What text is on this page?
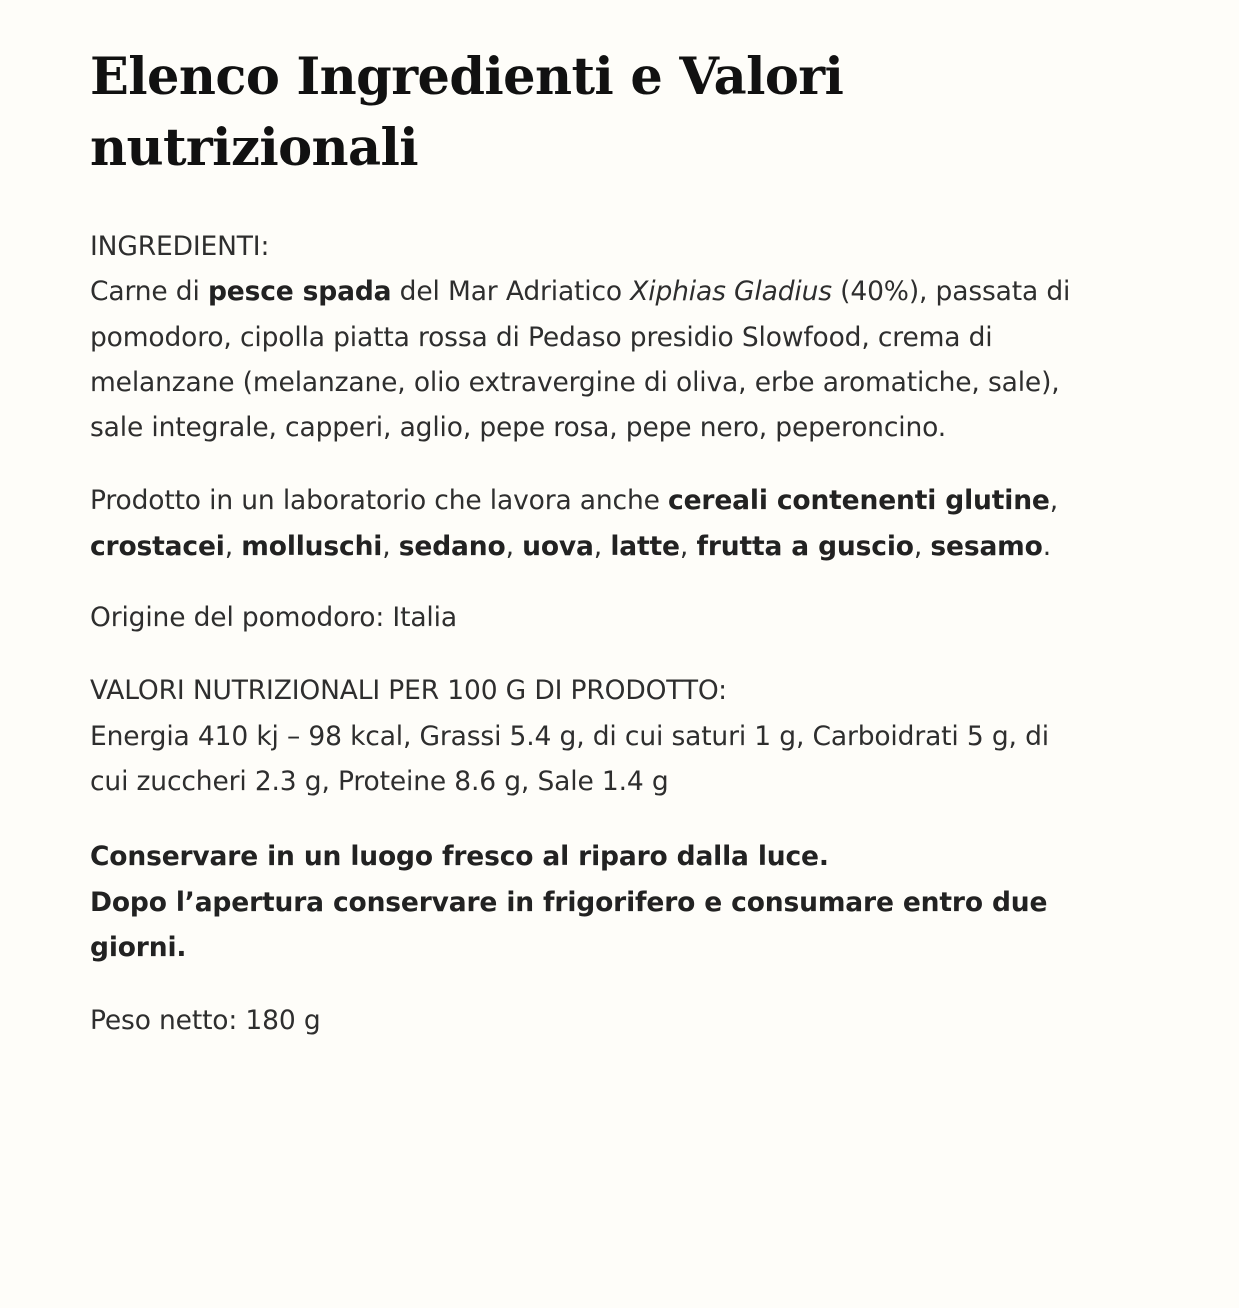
Elenco Ingredienti e Valori
nutrizionali

INGREDIENTI:
Carne di pesce spada del Mar Adriatico Xiphias Gladius (40%), passata di pomodoro, cipolla piatta rossa di Pedaso presidio Slowfood, crema di melanzane (melanzane, olio extravergine di oliva, erbe aromatiche, sale), sale integrale, capperi, aglio, pepe rosa, pepe nero, peperoncino.

Prodotto in un laboratorio che lavora anche cereali contenenti glutine, crostacei, molluschi, sedano, uova, latte, frutta a guscio, sesamo.

Origine del pomodoro: Italia

VALORI NUTRIZIONALI PER 100 G DI PRODOTTO:
Energia 410 kj – 98 kcal, Grassi 5.4 g, di cui saturi 1 g, Carboidrati 5 g, di cui zuccheri 2.3 g, Proteine 8.6 g, Sale 1.4 g

Conservare in un luogo fresco al riparo dalla luce.
Dopo l’apertura conservare in frigorifero e consumare entro due giorni.

Peso netto: 180 g
